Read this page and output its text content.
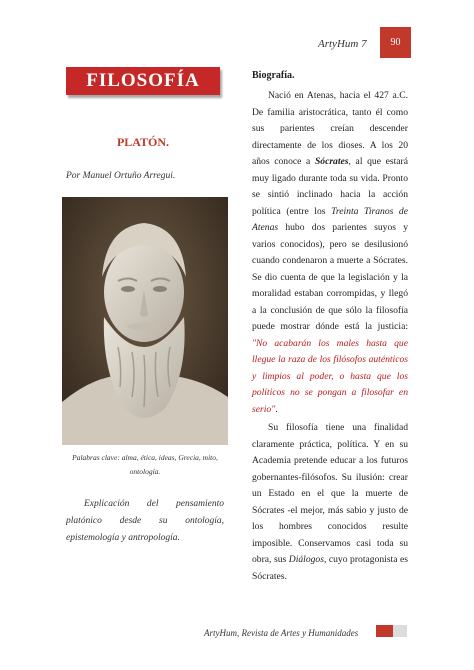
ArtyHum 7	90
FILOSOFÍA
PLATÓN.
Por Manuel Ortuño Arregui.
Palabras clave: alma, ética, ideas, Grecia, mito, ontología.
Explicación del pensamiento platónico desde su ontología, epistemología y antropología.
Biografía.

Nació en Atenas, hacia el 427 a.C. De familia aristocrática, tanto él como sus parientes creían descender directamente de los dioses. A los 20 años conoce a Sócrates, al que estará muy ligado durante toda su vida. Pronto se sintió inclinado hacia la acción política (entre los Treinta Tiranos de Atenas hubo dos parientes suyos y varios conocidos), pero se desilusionó cuando condenaron a muerte a Sócrates. Se dio cuenta de que la legislación y la moralidad estaban corrompidas, y llegó a la conclusión de que sólo la filosofía puede mostrar dónde está la justicia: "No acabarán los males hasta que llegue la raza de los filósofos auténticos y limpios al poder, o hasta que los políticos no se pongan a filosofar en serio".

Su filosofía tiene una finalidad claramente práctica, política. Y en su Academia pretende educar a los futuros gobernantes-filósofos. Su ilusión: crear un Estado en el que la muerte de Sócrates -el mejor, más sabio y justo de los hombres conocidos resulte imposible. Conservamos casi toda su obra, sus Diálogos, cuyo protagonista es Sócrates.

ArtyHum, Revista de Artes y Humanidades
